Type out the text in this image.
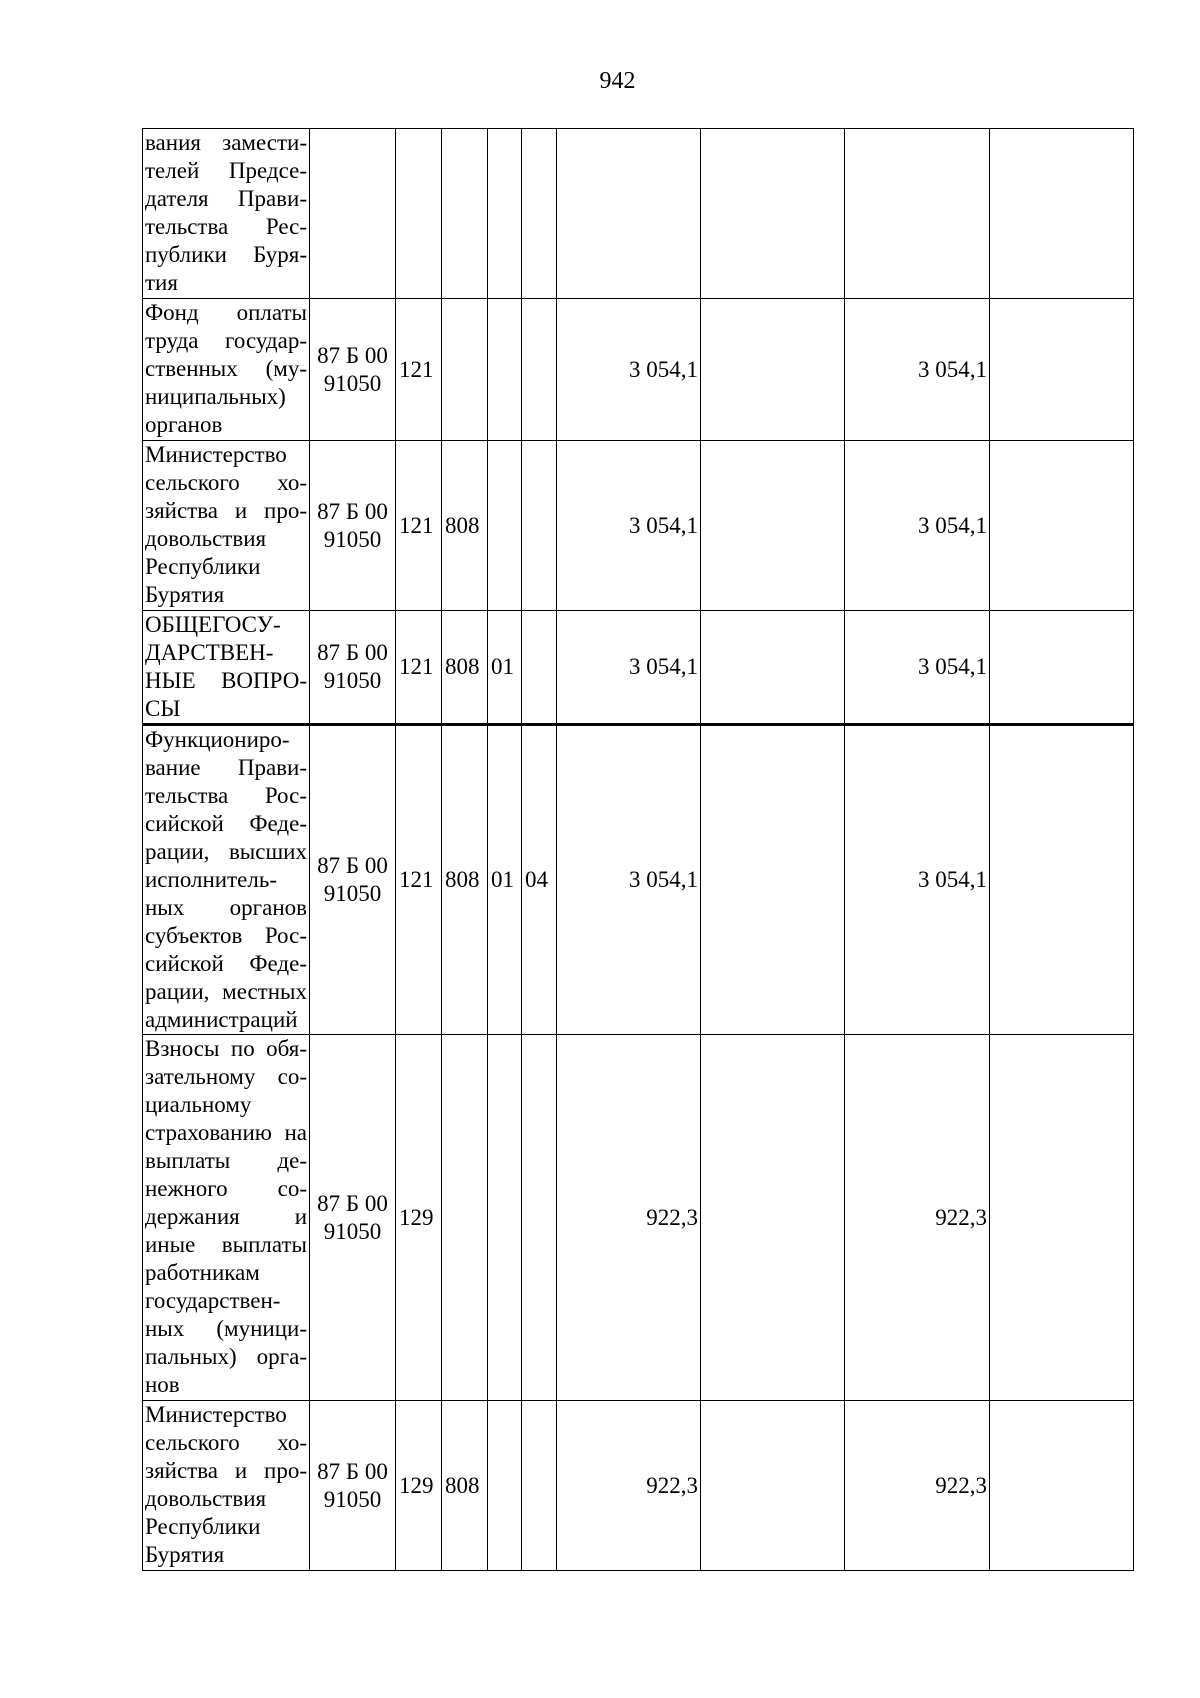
942
вания замести-телей Предсе-дателя Прави-тельства Рес-публики Буря-тия									
Фонд оплаты труда государ-ственных (му-ниципальных) органов	87 Б 00 91050	121				3 054,1		3 054,1	
Министерство сельского хо-зяйства и про-довольствия Республики Бурятия	87 Б 00 91050	121	808			3 054,1		3 054,1	
ОБЩЕГОСУ-ДАРСТВЕН-НЫЕ ВОПРО-СЫ	87 Б 00 91050	121	808	01		3 054,1		3 054,1	
Функциониро-вание Прави-тельства Рос-сийской Феде-рации, высших исполнитель-ных органов субъектов Рос-сийской Феде-рации, местных администраций	87 Б 00 91050	121	808	01	04	3 054,1		3 054,1	
Взносы по обя-зательному со-циальному страхованию на выплаты де-нежного со-держания и иные выплаты работникам государствен-ных (муници-пальных) орга-нов	87 Б 00 91050	129				922,3		922,3	
Министерство сельского хо-зяйства и про-довольствия Республики Бурятия	87 Б 00 91050	129	808			922,3		922,3	
